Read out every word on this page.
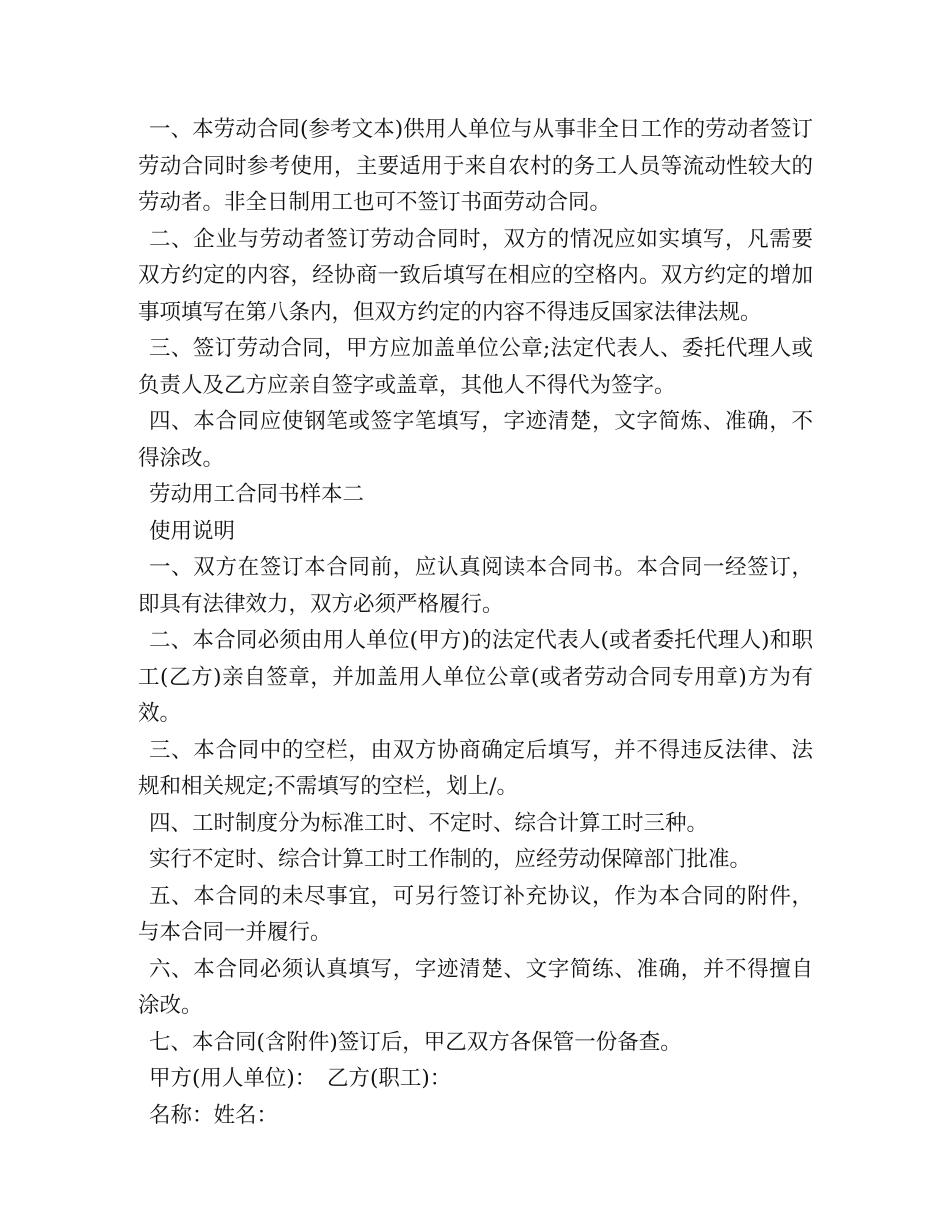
一、本劳动合同(参考文本)供用人单位与从事非全日工作的劳动者签订劳动合同时参考使用，主要适用于来自农村的务工人员等流动性较大的劳动者。非全日制用工也可不签订书面劳动合同。

二、企业与劳动者签订劳动合同时，双方的情况应如实填写，凡需要双方约定的内容，经协商一致后填写在相应的空格内。双方约定的增加事项填写在第八条内，但双方约定的内容不得违反国家法律法规。

三、签订劳动合同，甲方应加盖单位公章;法定代表人、委托代理人或负责人及乙方应亲自签字或盖章，其他人不得代为签字。

四、本合同应使钢笔或签字笔填写，字迹清楚，文字简炼、准确，不得涂改。

劳动用工合同书样本二

使用说明

一、双方在签订本合同前，应认真阅读本合同书。本合同一经签订，即具有法律效力，双方必须严格履行。

二、本合同必须由用人单位(甲方)的法定代表人(或者委托代理人)和职工(乙方)亲自签章，并加盖用人单位公章(或者劳动合同专用章)方为有效。

三、本合同中的空栏，由双方协商确定后填写，并不得违反法律、法规和相关规定;不需填写的空栏，划上/。

四、工时制度分为标准工时、不定时、综合计算工时三种。

实行不定时、综合计算工时工作制的，应经劳动保障部门批准。

五、本合同的未尽事宜，可另行签订补充协议，作为本合同的附件，与本合同一并履行。

六、本合同必须认真填写，字迹清楚、文字简练、准确，并不得擅自涂改。

七、本合同(含附件)签订后，甲乙双方各保管一份备查。

甲方(用人单位)：　乙方(职工)：

名称：姓名：
